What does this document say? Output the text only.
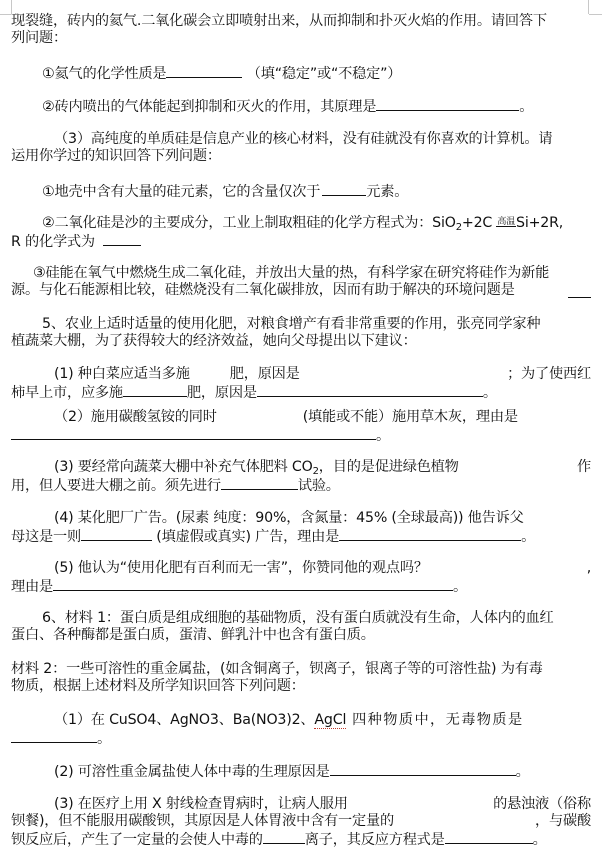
现裂缝，砖内的氦气.二氧化碳会立即喷射出来，从而抑制和扑灭火焰的作用。请回答下
列问题：
①氦气的化学性质是	（填“稳定”或“不稳定”）
②砖内喷出的气体能起到抑制和灭火的作用，其原理是	。
（3）高纯度的单质硅是信息产业的核心材料，没有硅就没有你喜欢的计算机。请
运用你学过的知识回答下列问题：
①地壳中含有大量的硅元素，它的含量仅次于	元素。
②二氧化硅是沙的主要成分，工业上制取粗硅的化学方程式为：SiO$_2$+2C 高温Si+2R,
R 的化学式为
③硅能在氧气中燃烧生成二氧化硅，并放出大量的热，有科学家在研究将硅作为新能
源。与化石能源相比较，硅燃烧没有二氧化碳排放，因而有助于解决的环境问题是
5、农业上适时适量的使用化肥，对粮食增产有看非常重要的作用，张亮同学家种
植蔬菜大棚，为了获得较大的经济效益，她向父母提出以下建议：
(1) 种白菜应适当多施	肥，原因是	；为了使西红
柿早上市，应多施	肥，原因是	。
（2）施用碳酸氢铵的同时	(填能或不能）施用草木灰，理由是
。
(3) 要经常向蔬菜大棚中补充气体肥料 $CO_2$，目的是促进绿色植物	作
用，但人要进大棚之前。须先进行	试验。
(4) 某化肥厂广告。(尿素 纯度：90%，含氮量：45% (全球最高)) 他告诉父
母这是一则	(填虚假或真实) 广告，理由是	。
(5) 他认为“使用化肥有百利而无一害”，你赞同他的观点吗？	,
理由是	。
6、材料 1：蛋白质是组成细胞的基础物质，没有蛋白质就没有生命，人体内的血红
蛋白、各种酶都是蛋白质，蛋清、鲜乳汁中也含有蛋白质。
材料 2：一些可溶性的重金属盐，(如含铜离子，钡离子，银离子等的可溶性盐) 为有毒
物质，根据上述材料及所学知识回答下列问题：
（1）在 CuSO4、AgNO3、Ba(NO3)2、AgCl 四种物质中，无毒物质是
。
(2) 可溶性重金属盐使人体中毒的生理原因是	。
(3) 在医疗上用 X 射线检查胃病时，让病人服用	的悬浊液（俗称
钡餐)，但不能服用碳酸钡，其原因是人体胃液中含有一定量的	，与碳酸
钡反应后，产生了一定量的会使人中毒的	离子，其反应方程式是	。
